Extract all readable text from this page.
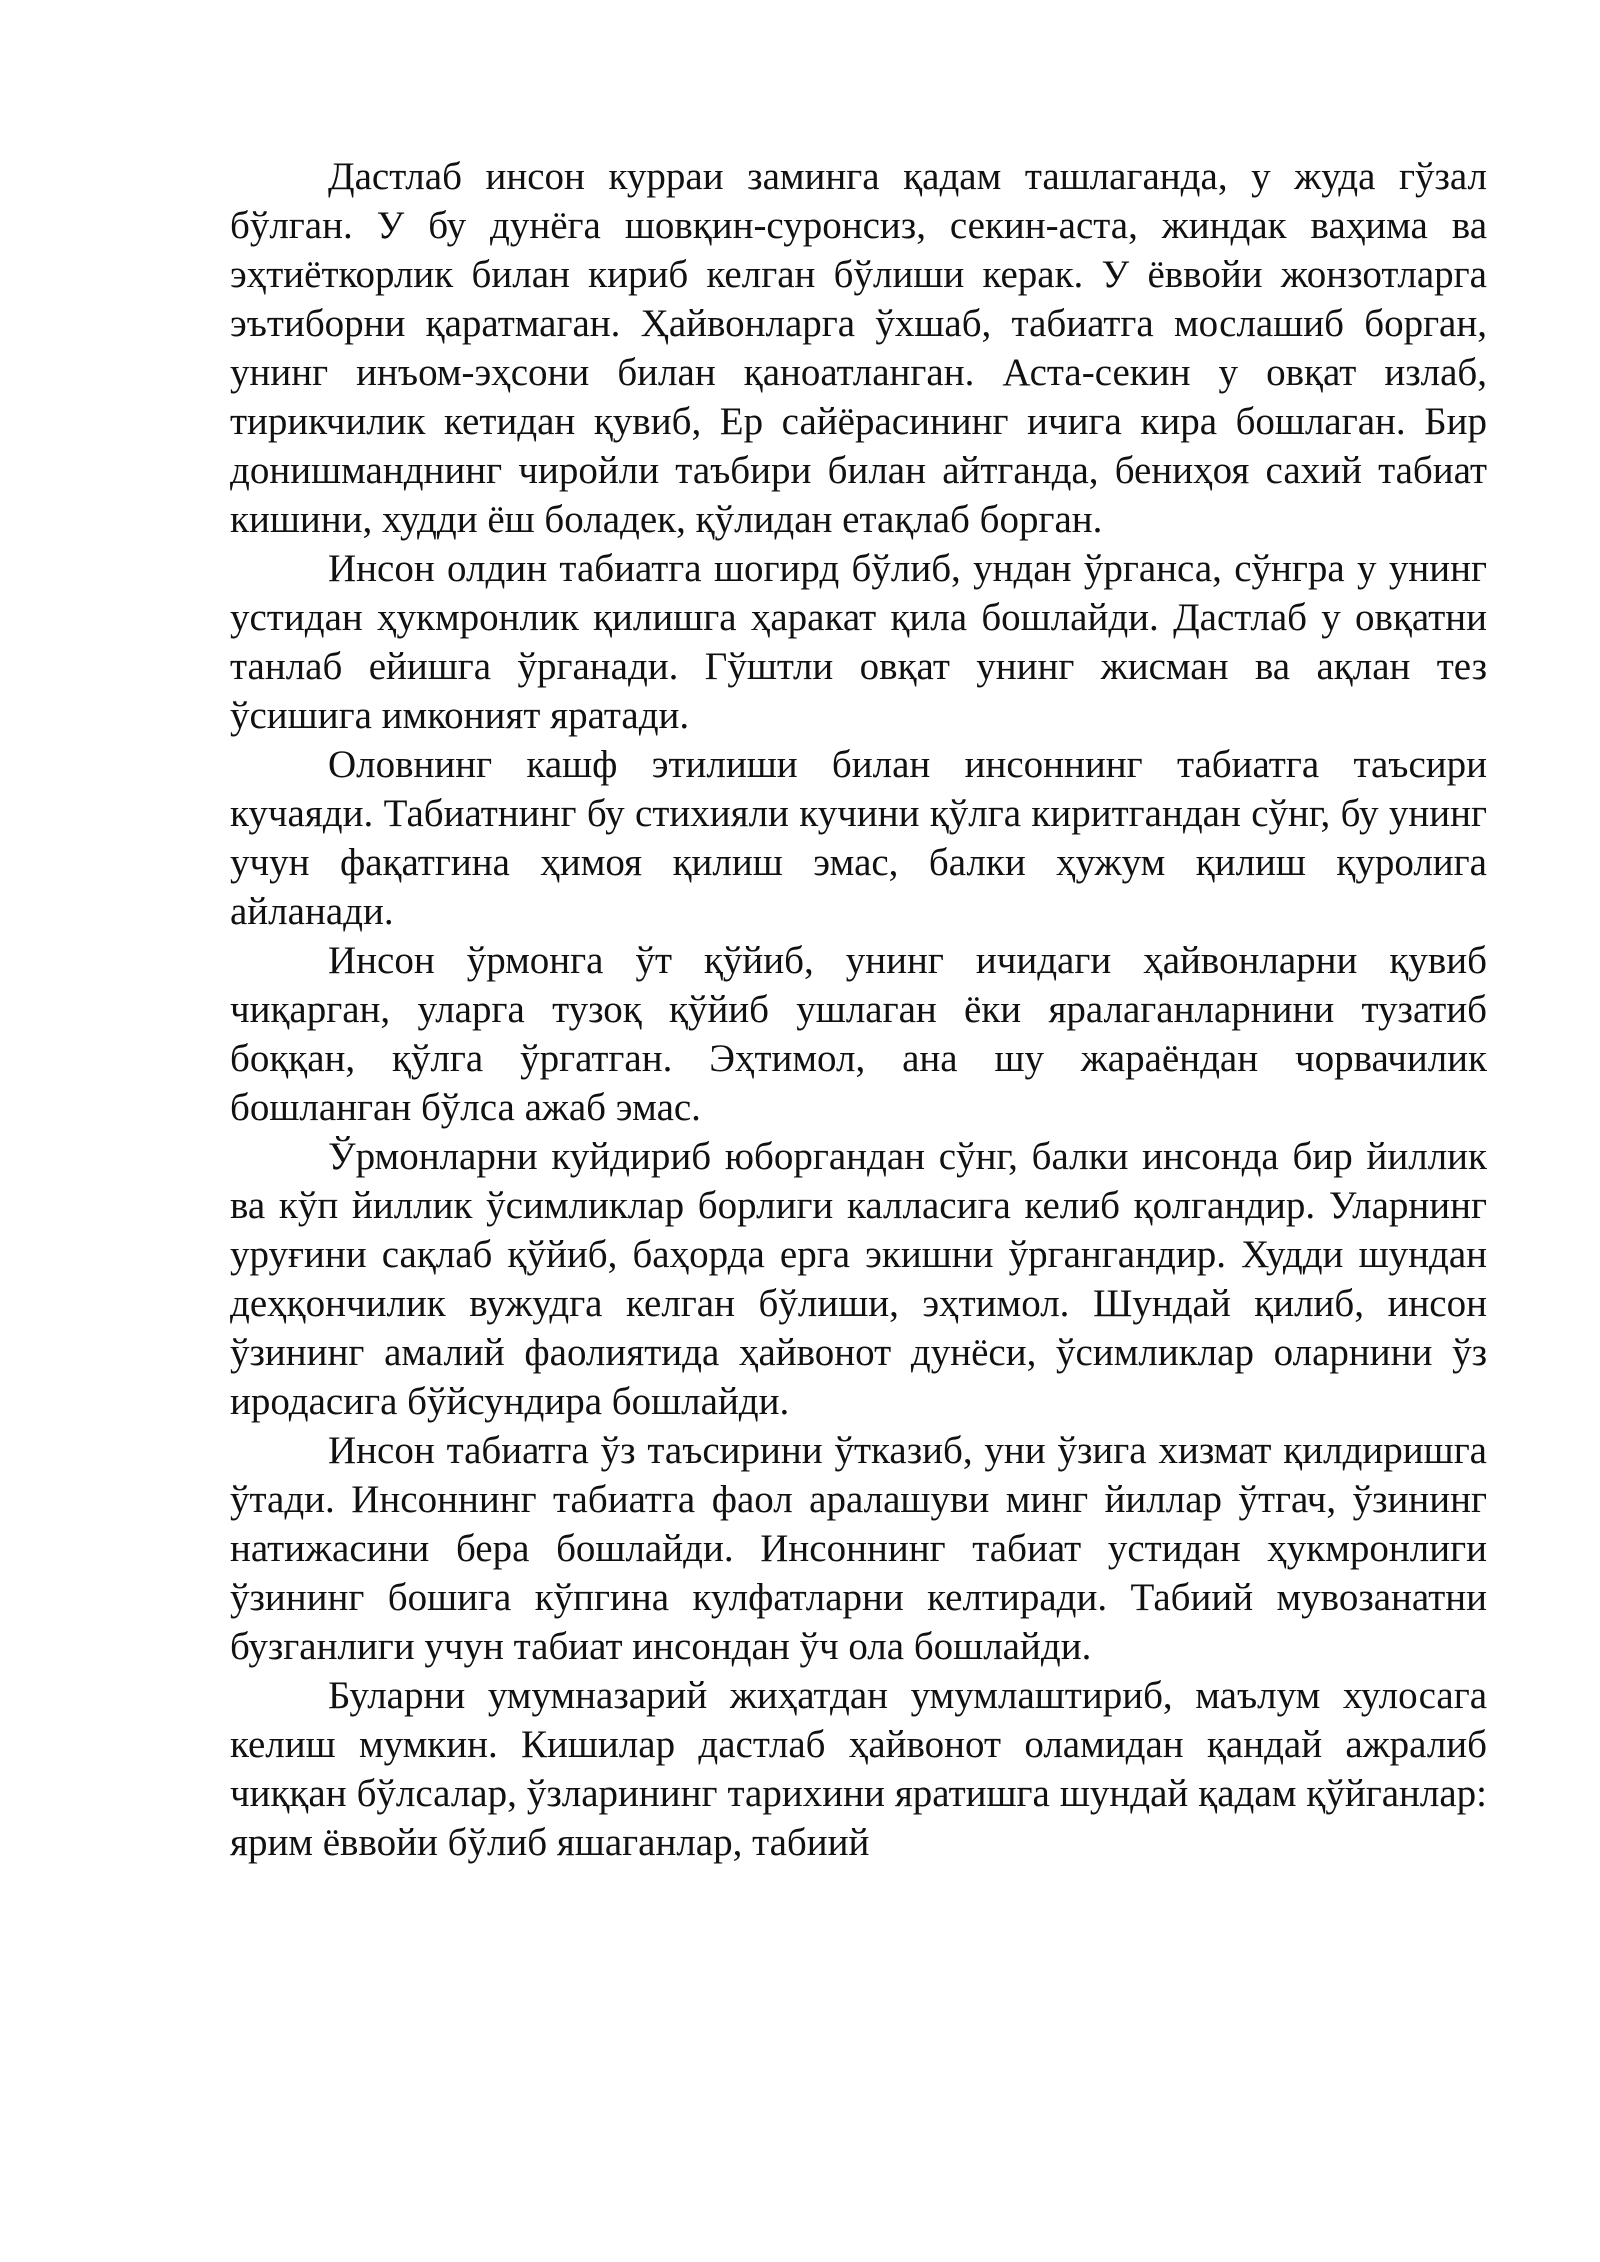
Дастлаб инсон курраи заминга қадам ташлаганда, у жуда гўзал бўлган. У бу дунёга шовқин-суронсиз, секин-аста, жиндак ваҳима ва эҳтиёткорлик билан кириб келган бўлиши керак. У ёввойи жонзотларга эътиборни қаратмаган. Ҳайвонларга ўхшаб, табиатга мослашиб борган, унинг инъом-эҳсони билан қаноатланган. Аста-секин у овқат излаб, тирикчилик кетидан қувиб, Ер сайёрасининг ичига кира бошлаган. Бир донишманднинг чиройли таъбири билан айтганда, бениҳоя сахий табиат кишини, худди ёш боладек, қўлидан етақлаб борган.

Инсон олдин табиатга шогирд бўлиб, ундан ўрганса, сўнгра у унинг устидан ҳукмронлик қилишга ҳаракат қила бошлайди. Дастлаб у овқатни танлаб ейишга ўрганади. Гўштли овқат унинг жисман ва ақлан тез ўсишига имконият яратади.

Оловнинг кашф этилиши билан инсоннинг табиатга таъсири кучаяди. Табиатнинг бу стихияли кучини қўлга киритгандан сўнг, бу унинг учун фақатгина ҳимоя қилиш эмас, балки ҳужум қилиш қуролига айланади.

Инсон ўрмонга ўт қўйиб, унинг ичидаги ҳайвонларни қувиб чиқарган, уларга тузоқ қўйиб ушлаган ёки яралаганларнини тузатиб боққан, қўлга ўргатган. Эҳтимол, ана шу жараёндан чорвачилик бошланган бўлса ажаб эмас.

Ўрмонларни куйдириб юборгандан сўнг, балки инсонда бир йиллик ва кўп йиллик ўсимликлар борлиги калласига келиб қолгандир. Уларнинг уруғини сақлаб қўйиб, баҳорда ерга экишни ўргангандир. Худди шундан деҳқончилик вужудга келган бўлиши, эҳтимол. Шундай қилиб, инсон ўзининг амалий фаолиятида ҳайвонот дунёси, ўсимликлар оларнини ўз иродасига бўйсундира бошлайди.

Инсон табиатга ўз таъсирини ўтказиб, уни ўзига хизмат қилдиришга ўтади. Инсоннинг табиатга фаол аралашуви минг йиллар ўтгач, ўзининг натижасини бера бошлайди. Инсоннинг табиат устидан ҳукмронлиги ўзининг бошига кўпгина кулфатларни келтиради. Табиий мувозанатни бузганлиги учун табиат инсондан ўч ола бошлайди.

Буларни умумназарий жиҳатдан умумлаштириб, маълум хулосага келиш мумкин. Кишилар дастлаб ҳайвонот оламидан қандай ажралиб чиққан бўлсалар, ўзларининг тарихини яратишга шундай қадам қўйганлар: ярим ёввойи бўлиб яшаганлар, табиий
